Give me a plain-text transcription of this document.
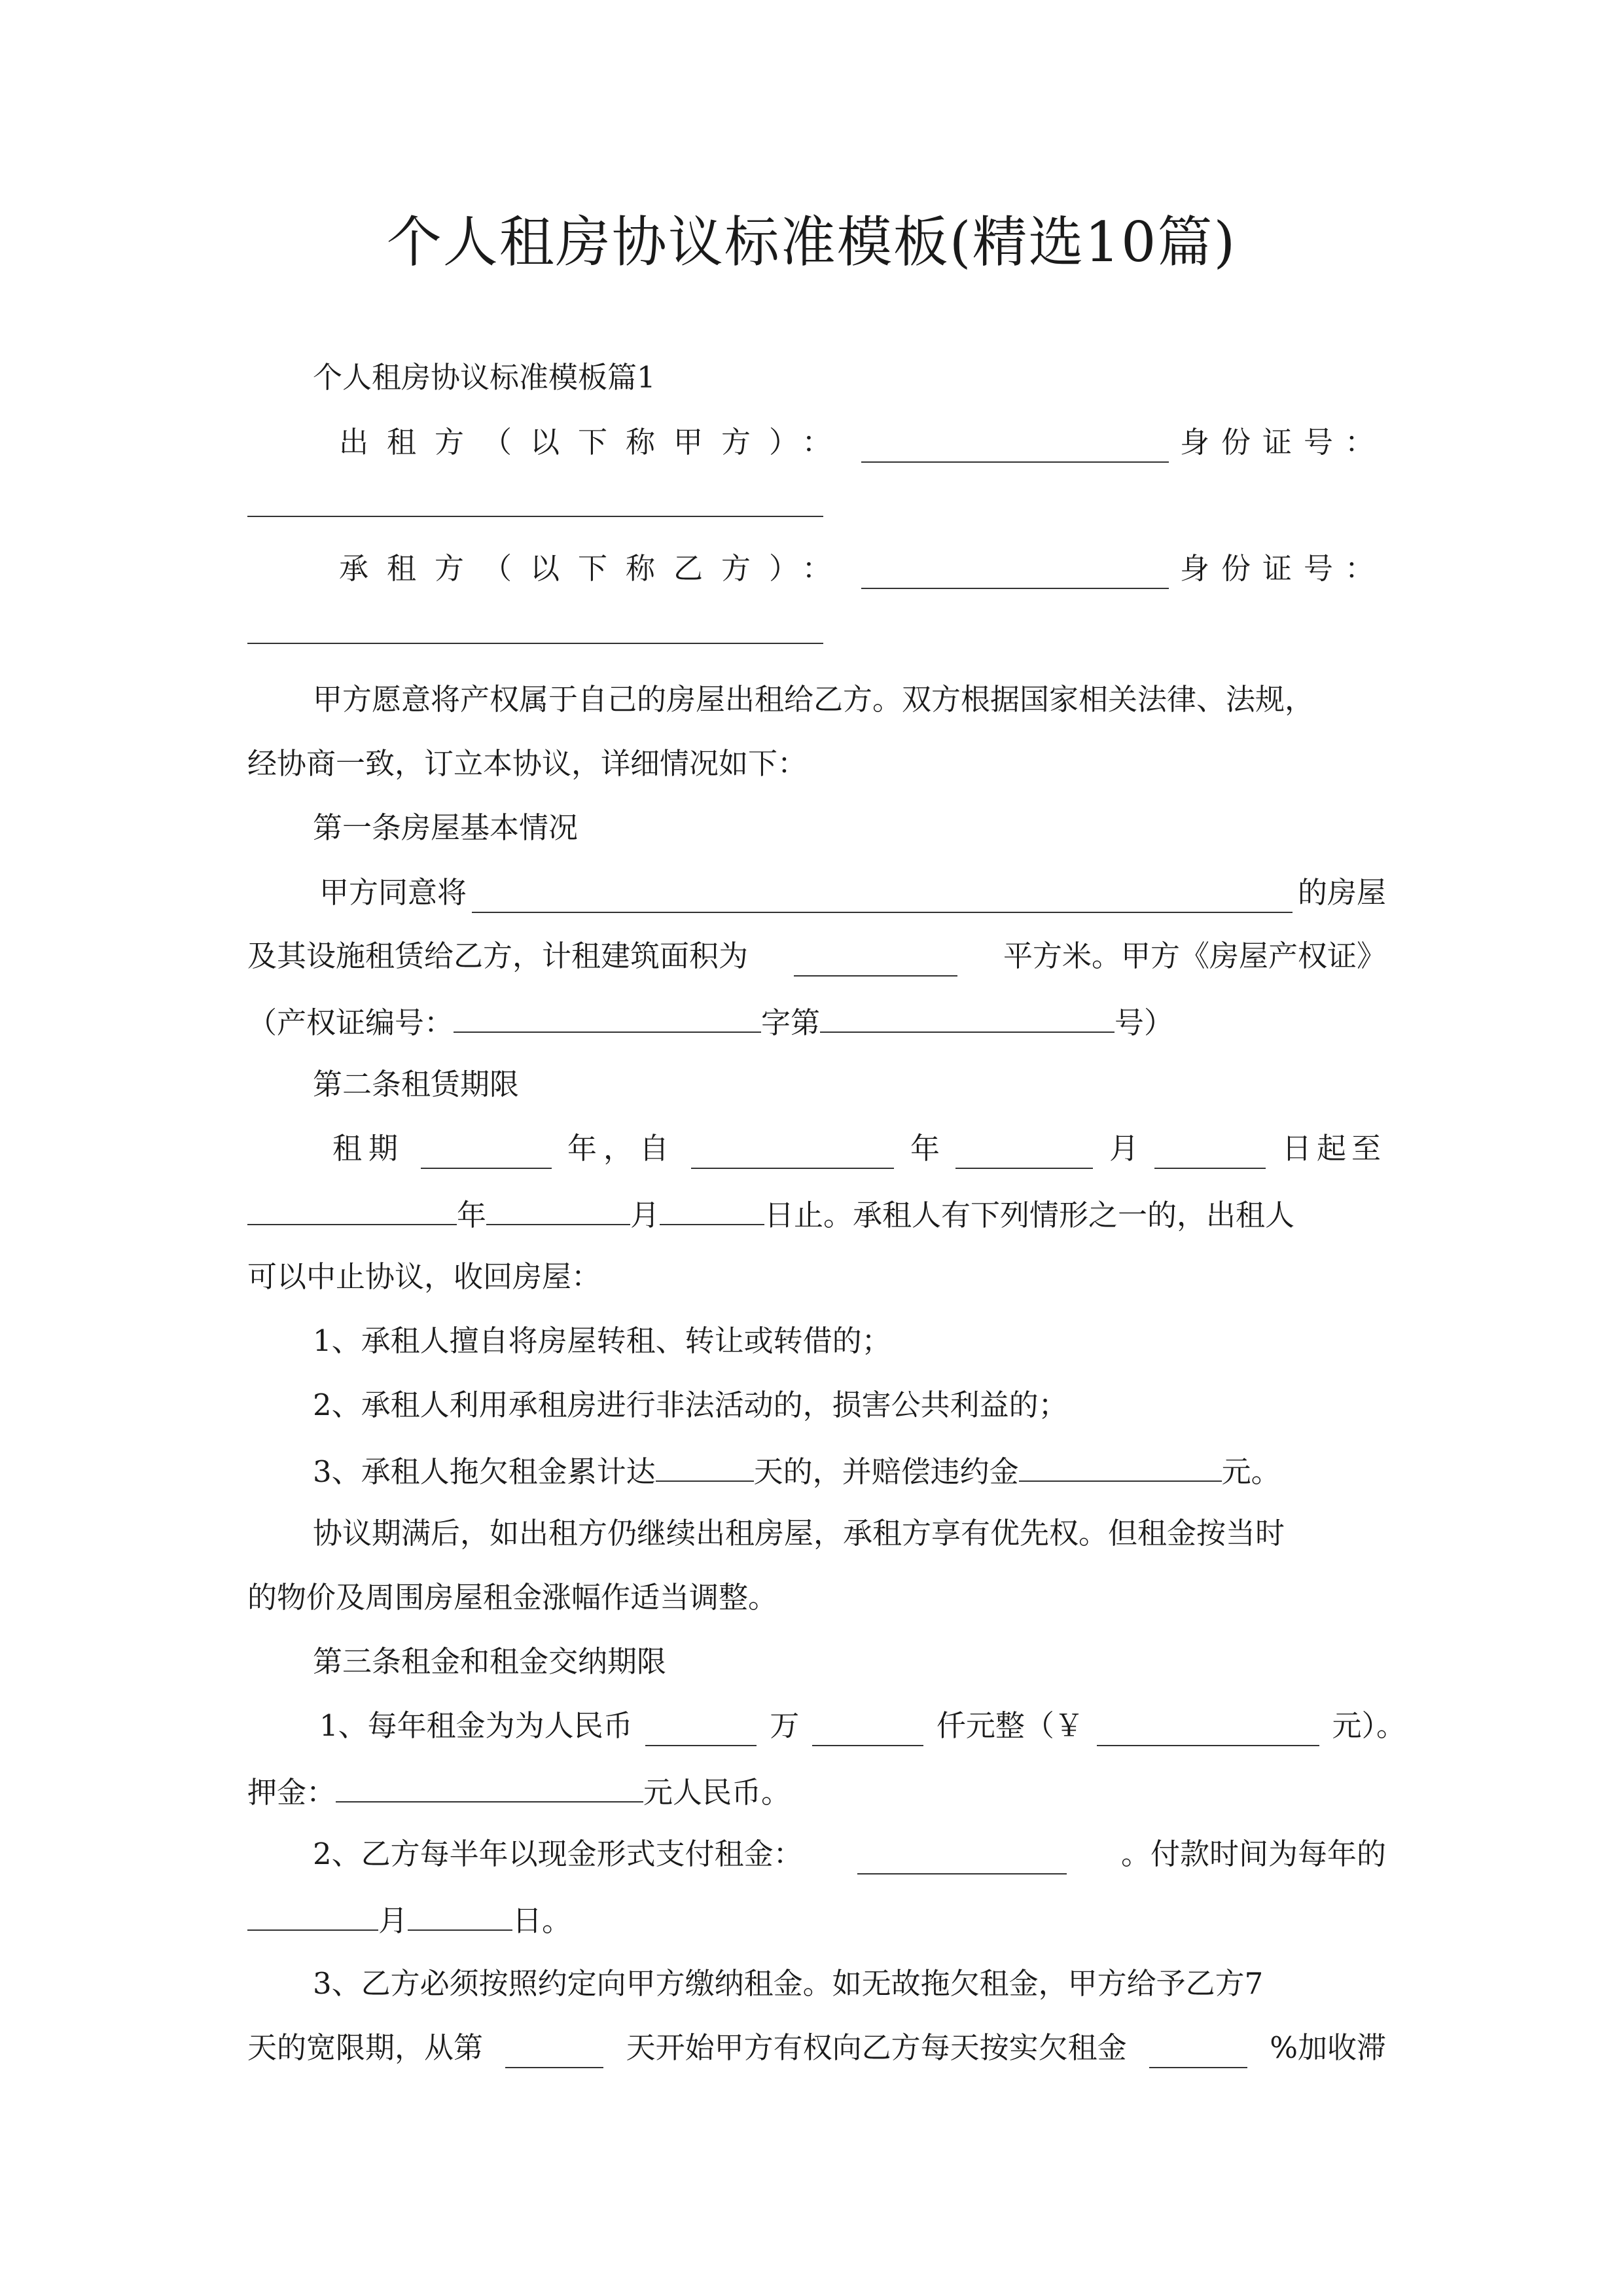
个人租房协议标准模板(精选10篇)
个人租房协议标准模板篇1
出租方（以下称甲方）：	身份证号：
承租方（以下称乙方）：	身份证号：
甲方愿意将产权属于自己的房屋出租给乙方。双方根据国家相关法律、法规，
经协商一致，订立本协议，详细情况如下：
第一条房屋基本情况
甲方同意将	的房屋
及其设施租赁给乙方，计租建筑面积为	平方米。甲方《房屋产权证》
（产权证编号：	字第	号）
第二条租赁期限
租期	年，自	年	月	日起至
年	月	日止。承租人有下列情形之一的，出租人
可以中止协议，收回房屋：
1、承租人擅自将房屋转租、转让或转借的；
2、承租人利用承租房进行非法活动的，损害公共利益的；
3、承租人拖欠租金累计达	天的，并赔偿违约金	元。
协议期满后，如出租方仍继续出租房屋，承租方享有优先权。但租金按当时
的物价及周围房屋租金涨幅作适当调整。
第三条租金和租金交纳期限
1、每年租金为为人民币	万	仟元整（￥	元）。
押金：	元人民币。
2、乙方每半年以现金形式支付租金：	。付款时间为每年的
月	日。
3、乙方必须按照约定向甲方缴纳租金。如无故拖欠租金，甲方给予乙方7
天的宽限期，从第	天开始甲方有权向乙方每天按实欠租金	%加收滞
